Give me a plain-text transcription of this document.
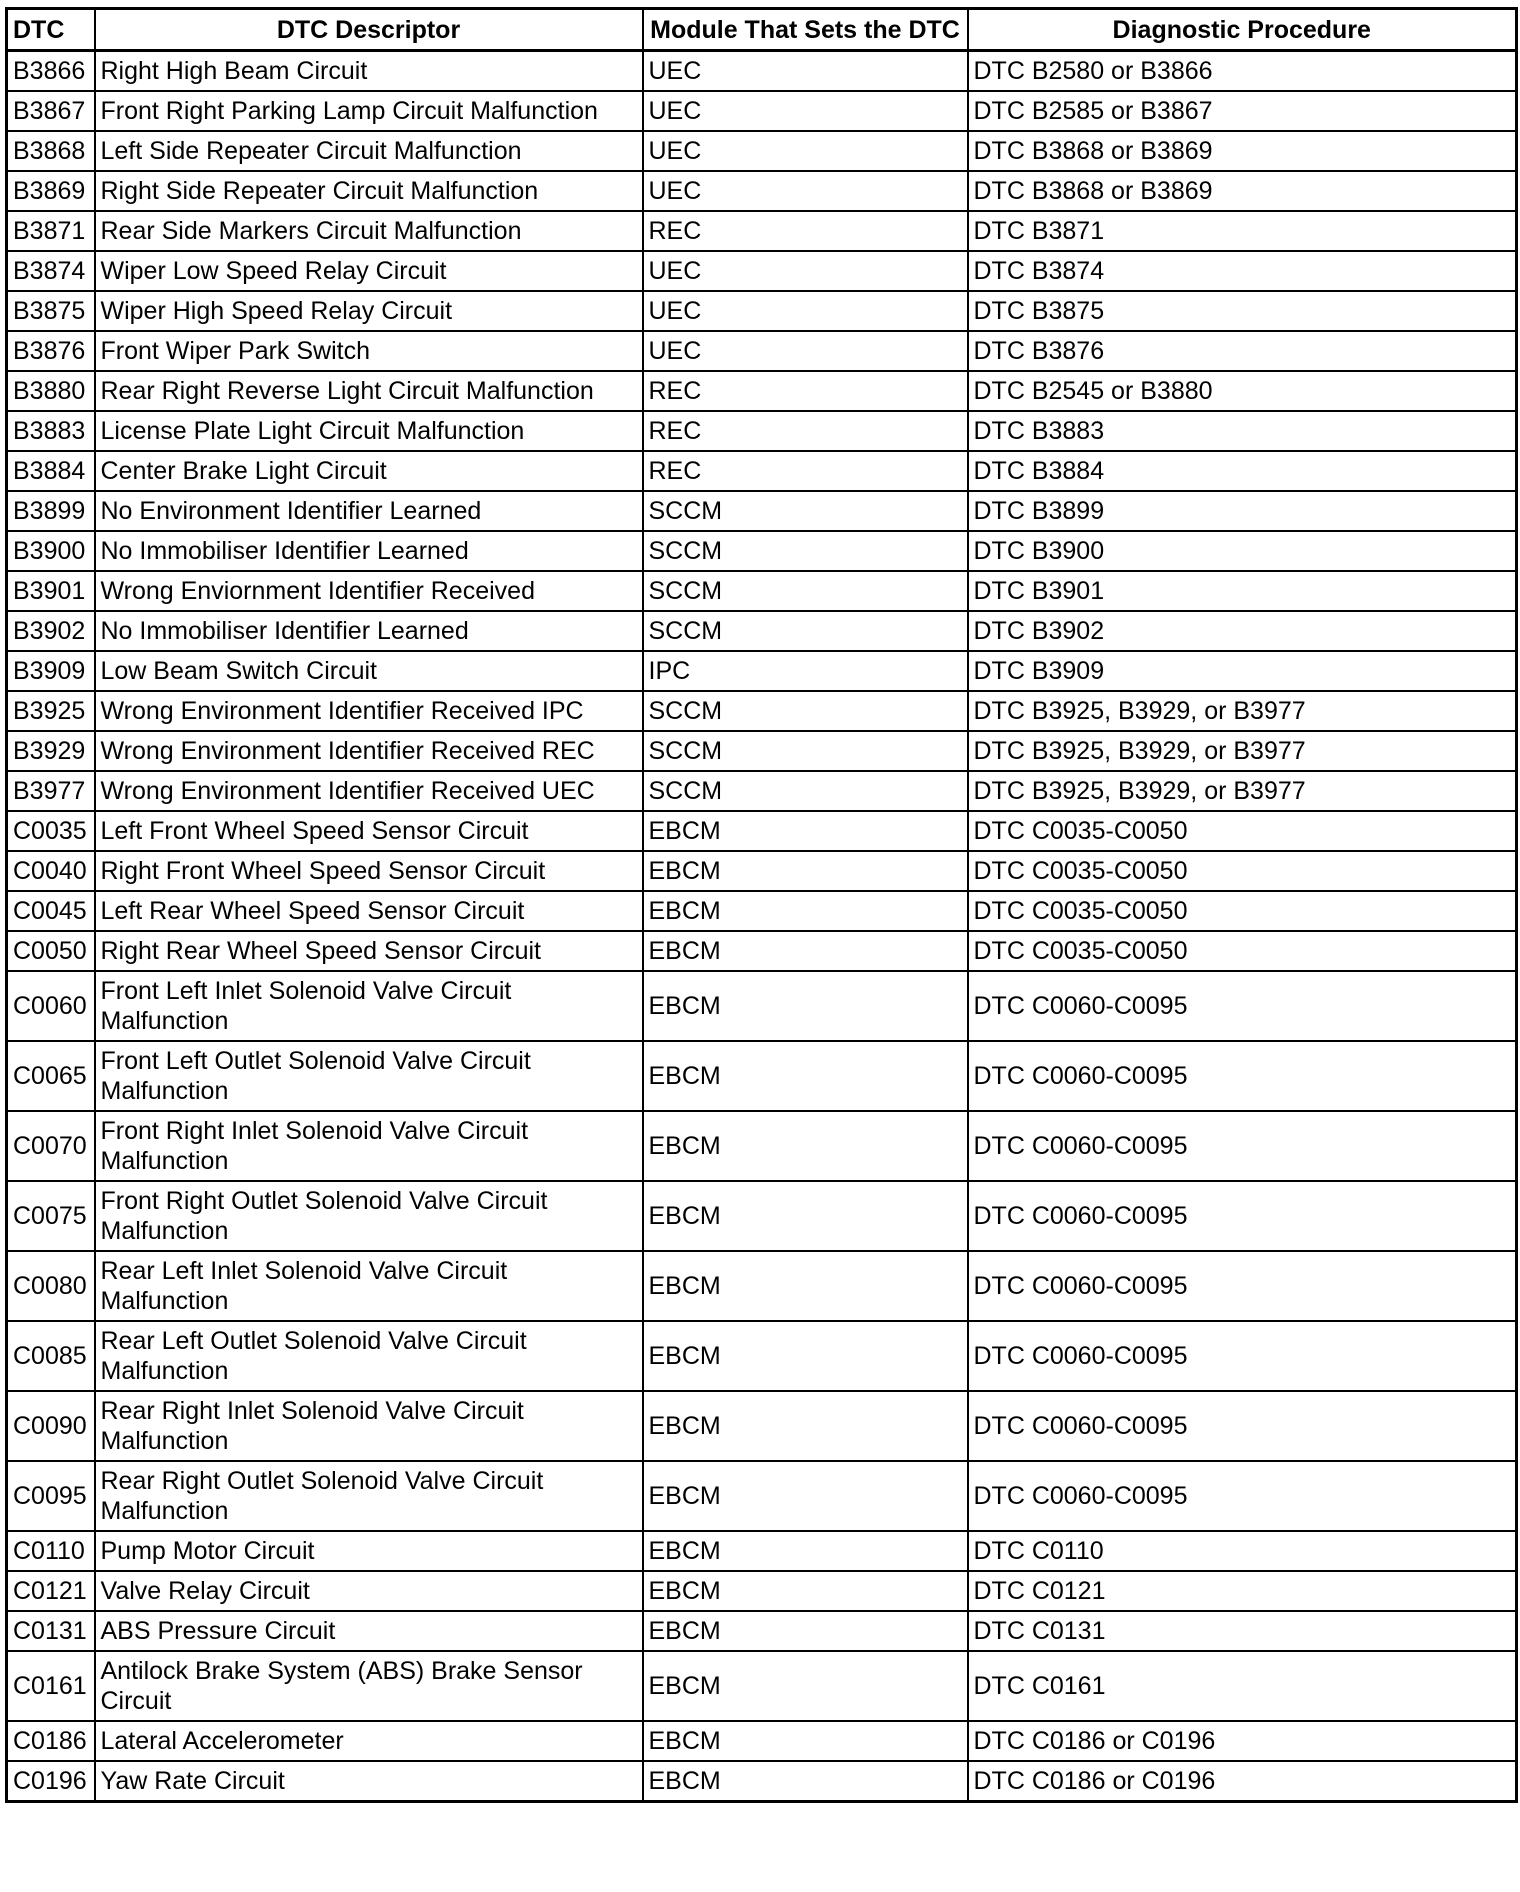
DTC	DTC Descriptor	Module That Sets the DTC	Diagnostic Procedure
B3866	Right High Beam Circuit	UEC	DTC B2580 or B3866
B3867	Front Right Parking Lamp Circuit Malfunction	UEC	DTC B2585 or B3867
B3868	Left Side Repeater Circuit Malfunction	UEC	DTC B3868 or B3869
B3869	Right Side Repeater Circuit Malfunction	UEC	DTC B3868 or B3869
B3871	Rear Side Markers Circuit Malfunction	REC	DTC B3871
B3874	Wiper Low Speed Relay Circuit	UEC	DTC B3874
B3875	Wiper High Speed Relay Circuit	UEC	DTC B3875
B3876	Front Wiper Park Switch	UEC	DTC B3876
B3880	Rear Right Reverse Light Circuit Malfunction	REC	DTC B2545 or B3880
B3883	License Plate Light Circuit Malfunction	REC	DTC B3883
B3884	Center Brake Light Circuit	REC	DTC B3884
B3899	No Environment Identifier Learned	SCCM	DTC B3899
B3900	No Immobiliser Identifier Learned	SCCM	DTC B3900
B3901	Wrong Enviornment Identifier Received	SCCM	DTC B3901
B3902	No Immobiliser Identifier Learned	SCCM	DTC B3902
B3909	Low Beam Switch Circuit	IPC	DTC B3909
B3925	Wrong Environment Identifier Received IPC	SCCM	DTC B3925, B3929, or B3977
B3929	Wrong Environment Identifier Received REC	SCCM	DTC B3925, B3929, or B3977
B3977	Wrong Environment Identifier Received UEC	SCCM	DTC B3925, B3929, or B3977
C0035	Left Front Wheel Speed Sensor Circuit	EBCM	DTC C0035-C0050
C0040	Right Front Wheel Speed Sensor Circuit	EBCM	DTC C0035-C0050
C0045	Left Rear Wheel Speed Sensor Circuit	EBCM	DTC C0035-C0050
C0050	Right Rear Wheel Speed Sensor Circuit	EBCM	DTC C0035-C0050
C0060	Front Left Inlet Solenoid Valve Circuit Malfunction	EBCM	DTC C0060-C0095
C0065	Front Left Outlet Solenoid Valve Circuit Malfunction	EBCM	DTC C0060-C0095
C0070	Front Right Inlet Solenoid Valve Circuit Malfunction	EBCM	DTC C0060-C0095
C0075	Front Right Outlet Solenoid Valve Circuit Malfunction	EBCM	DTC C0060-C0095
C0080	Rear Left Inlet Solenoid Valve Circuit Malfunction	EBCM	DTC C0060-C0095
C0085	Rear Left Outlet Solenoid Valve Circuit Malfunction	EBCM	DTC C0060-C0095
C0090	Rear Right Inlet Solenoid Valve Circuit Malfunction	EBCM	DTC C0060-C0095
C0095	Rear Right Outlet Solenoid Valve Circuit Malfunction	EBCM	DTC C0060-C0095
C0110	Pump Motor Circuit	EBCM	DTC C0110
C0121	Valve Relay Circuit	EBCM	DTC C0121
C0131	ABS Pressure Circuit	EBCM	DTC C0131
C0161	Antilock Brake System (ABS) Brake Sensor Circuit	EBCM	DTC C0161
C0186	Lateral Accelerometer	EBCM	DTC C0186 or C0196
C0196	Yaw Rate Circuit	EBCM	DTC C0186 or C0196
